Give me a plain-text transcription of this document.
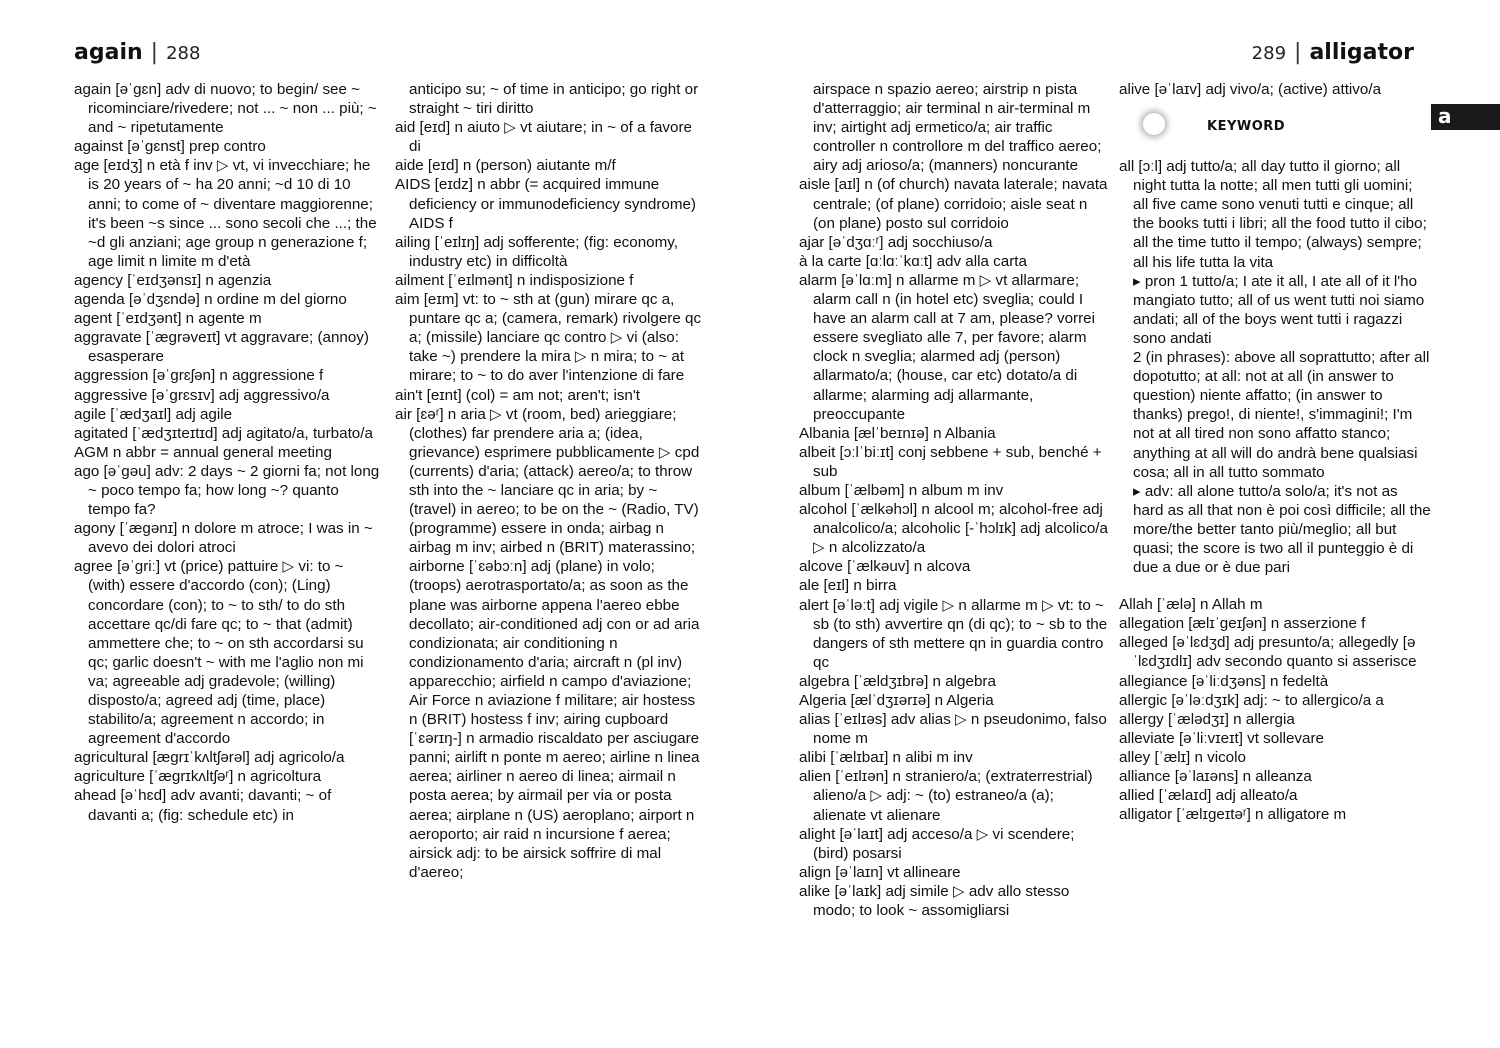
again | 288	289 | alligator
a
again [əˈɡɛn] adv di nuovo; to begin/ see ~ ricominciare/rivedere; not ... ~ non ... più; ~ and ~ ripetutamente
against [əˈɡɛnst] prep contro
age [eɪdʒ] n età f inv ▷ vt, vi invecchiare; he is 20 years of ~ ha 20 anni; ~d 10 di 10 anni; to come of ~ diventare maggiorenne; it's been ~s since ... sono secoli che ...; the ~d gli anziani; age group n generazione f; age limit n limite m d'età
agency [ˈeɪdʒənsɪ] n agenzia
agenda [əˈdʒɛndə] n ordine m del giorno
agent [ˈeɪdʒənt] n agente m
aggravate [ˈæɡrəveɪt] vt aggravare; (annoy) esasperare
aggression [əˈɡrɛʃən] n aggressione f
aggressive [əˈɡrɛsɪv] adj aggressivo/a
agile [ˈædʒaɪl] adj agile
agitated [ˈædʒɪteɪtɪd] adj agitato/a, turbato/a
AGM n abbr = annual general meeting
ago [əˈɡəu] adv: 2 days ~ 2 giorni fa; not long ~ poco tempo fa; how long ~? quanto tempo fa?
agony [ˈæɡənɪ] n dolore m atroce; I was in ~ avevo dei dolori atroci
agree [əˈɡriː] vt (price) pattuire ▷ vi: to ~ (with) essere d'accordo (con); (Ling) concordare (con); to ~ to sth/ to do sth accettare qc/di fare qc; to ~ that (admit) ammettere che; to ~ on sth accordarsi su qc; garlic doesn't ~ with me l'aglio non mi va; agreeable adj gradevole; (willing) disposto/a; agreed adj (time, place) stabilito/a; agreement n accordo; in agreement d'accordo
agricultural [æɡrɪˈkʌltʃərəl] adj agricolo/a
agriculture [ˈæɡrɪkʌltʃəʳ] n agricoltura
ahead [əˈhɛd] adv avanti; davanti; ~ of davanti a; (fig: schedule etc) in
anticipo su; ~ of time in anticipo; go right or straight ~ tiri diritto
aid [eɪd] n aiuto ▷ vt aiutare; in ~ of a favore di
aide [eɪd] n (person) aiutante m/f
AIDS [eɪdz] n abbr (= acquired immune deficiency or immunodeficiency syndrome) AIDS f
ailing [ˈeɪlɪŋ] adj sofferente; (fig: economy, industry etc) in difficoltà
ailment [ˈeɪlmənt] n indisposizione f
aim [eɪm] vt: to ~ sth at (gun) mirare qc a, puntare qc a; (camera, remark) rivolgere qc a; (missile) lanciare qc contro ▷ vi (also: take ~) prendere la mira ▷ n mira; to ~ at mirare; to ~ to do aver l'intenzione di fare
ain't [eɪnt] (col) = am not; aren't; isn't
air [ɛəʳ] n aria ▷ vt (room, bed) arieggiare; (clothes) far prendere aria a; (idea, grievance) esprimere pubblicamente ▷ cpd (currents) d'aria; (attack) aereo/a; to throw sth into the ~ lanciare qc in aria; by ~ (travel) in aereo; to be on the ~ (Radio, TV) (programme) essere in onda; airbag n airbag m inv; airbed n (BRIT) materassino; airborne [ˈɛəbɔːn] adj (plane) in volo; (troops) aerotrasportato/a; as soon as the plane was airborne appena l'aereo ebbe decollato; air-conditioned adj con or ad aria condizionata; air conditioning n condizionamento d'aria; aircraft n (pl inv) apparecchio; airfield n campo d'aviazione; Air Force n aviazione f militare; air hostess n (BRIT) hostess f inv; airing cupboard [ˈɛərɪŋ-] n armadio riscaldato per asciugare panni; airlift n ponte m aereo; airline n linea aerea; airliner n aereo di linea; airmail n posta aerea; by airmail per via or posta aerea; airplane n (US) aeroplano; airport n aeroporto; air raid n incursione f aerea; airsick adj: to be airsick soffrire di mal d'aereo;
airspace n spazio aereo; airstrip n pista d'atterraggio; air terminal n air-terminal m inv; airtight adj ermetico/a; air traffic controller n controllore m del traffico aereo; airy adj arioso/a; (manners) noncurante
aisle [aɪl] n (of church) navata laterale; navata centrale; (of plane) corridoio; aisle seat n (on plane) posto sul corridoio
ajar [əˈdʒɑːʳ] adj socchiuso/a
à la carte [ɑːlɑːˈkɑːt] adv alla carta
alarm [əˈlɑːm] n allarme m ▷ vt allarmare; alarm call n (in hotel etc) sveglia; could I have an alarm call at 7 am, please? vorrei essere svegliato alle 7, per favore; alarm clock n sveglia; alarmed adj (person) allarmato/a; (house, car etc) dotato/a di allarme; alarming adj allarmante, preoccupante
Albania [ælˈbeɪnɪə] n Albania
albeit [ɔːlˈbiːɪt] conj sebbene + sub, benché + sub
album [ˈælbəm] n album m inv
alcohol [ˈælkəhɔl] n alcool m; alcohol-free adj analcolico/a; alcoholic [-ˈhɔlɪk] adj alcolico/a ▷ n alcolizzato/a
alcove [ˈælkəuv] n alcova
ale [eɪl] n birra
alert [əˈləːt] adj vigile ▷ n allarme m ▷ vt: to ~ sb (to sth) avvertire qn (di qc); to ~ sb to the dangers of sth mettere qn in guardia contro qc
algebra [ˈældʒɪbrə] n algebra
Algeria [ælˈdʒɪərɪə] n Algeria
alias [ˈeɪlɪəs] adv alias ▷ n pseudonimo, falso nome m
alibi [ˈælɪbaɪ] n alibi m inv
alien [ˈeɪlɪən] n straniero/a; (extraterrestrial) alieno/a ▷ adj: ~ (to) estraneo/a (a); alienate vt alienare
alight [əˈlaɪt] adj acceso/a ▷ vi scendere; (bird) posarsi
align [əˈlaɪn] vt allineare
alike [əˈlaɪk] adj simile ▷ adv allo stesso modo; to look ~ assomigliarsi
alive [əˈlaɪv] adj vivo/a; (active) attivo/a
KEYWORD
all [ɔːl] adj tutto/a; all day tutto il giorno; all night tutta la notte; all men tutti gli uomini; all five came sono venuti tutti e cinque; all the books tutti i libri; all the food tutto il cibo; all the time tutto il tempo; (always) sempre; all his life tutta la vita
▸ pron 1 tutto/a; I ate it all, I ate all of it l'ho mangiato tutto; all of us went tutti noi siamo andati; all of the boys went tutti i ragazzi sono andati
2 (in phrases): above all soprattutto; after all dopotutto; at all: not at all (in answer to question) niente affatto; (in answer to thanks) prego!, di niente!, s'immagini!; I'm not at all tired non sono affatto stanco; anything at all will do andrà bene qualsiasi cosa; all in all tutto sommato
▸ adv: all alone tutto/a solo/a; it's not as hard as all that non è poi così difficile; all the more/the better tanto più/meglio; all but quasi; the score is two all il punteggio è di due a due or è due pari
Allah [ˈælə] n Allah m
allegation [ælɪˈɡeɪʃən] n asserzione f
alleged [əˈlɛdʒd] adj presunto/a; allegedly [əˈlɛdʒɪdlɪ] adv secondo quanto si asserisce
allegiance [əˈliːdʒəns] n fedeltà
allergic [əˈləːdʒɪk] adj: ~ to allergico/a a
allergy [ˈælədʒɪ] n allergia
alleviate [əˈliːvɪeɪt] vt sollevare
alley [ˈælɪ] n vicolo
alliance [əˈlaɪəns] n alleanza
allied [ˈælaɪd] adj alleato/a
alligator [ˈælɪɡeɪtəʳ] n alligatore m
